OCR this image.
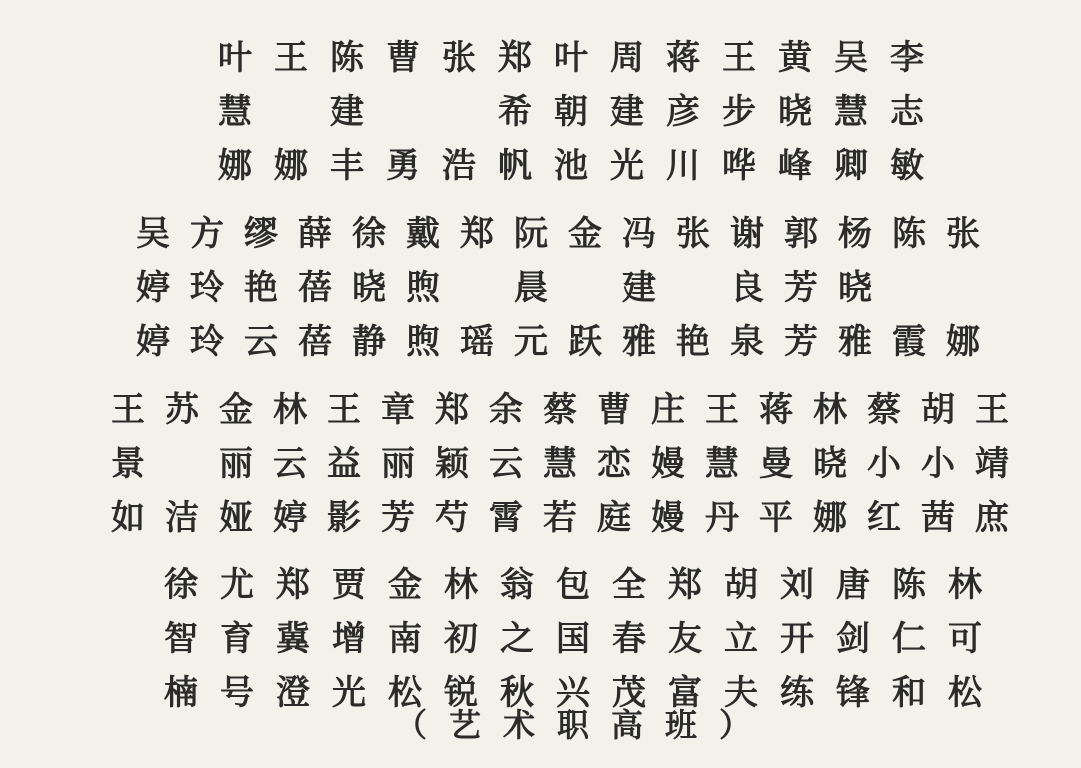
叶 王 陈 曹 张 郑 叶 周 蒋 王 黄 吴 李
慧 建	希 朝 建 彦 步 晓 慧 志
娜 娜 丰 勇 浩 帆 池 光 川 哗 峰 卿 敏
吴 方 缪 薛 徐 戴 郑 阮 金 冯 张 谢 郭 杨 陈 张
婷 玲 艳 蓓 晓 煦 晨 建 良 芳 晓
婷 玲 云 蓓 静 煦 瑶 元 跃 雅 艳 泉 芳 雅 霞 娜
王 苏 金 林 王 章 郑 余 蔡 曹 庄 王 蒋 林 蔡 胡 王
景 丽 云 益 丽 颖 云 慧 恋 嫚 慧 曼 晓 小 小 靖
如 洁 娅 婷 影 芳 芍 霄 若 庭 嫚 丹 平 娜 红 茜 庶
徐 尤 郑 贾 金 林 翁 包 全 郑 胡 刘 唐 陈 林
智 育 冀 增 南 初 之 国 春 友 立 开 剑 仁 可
楠 号 澄 光 松 锐 秋 兴 茂 富 夫 练 锋 和 松
（艺术职高班）
